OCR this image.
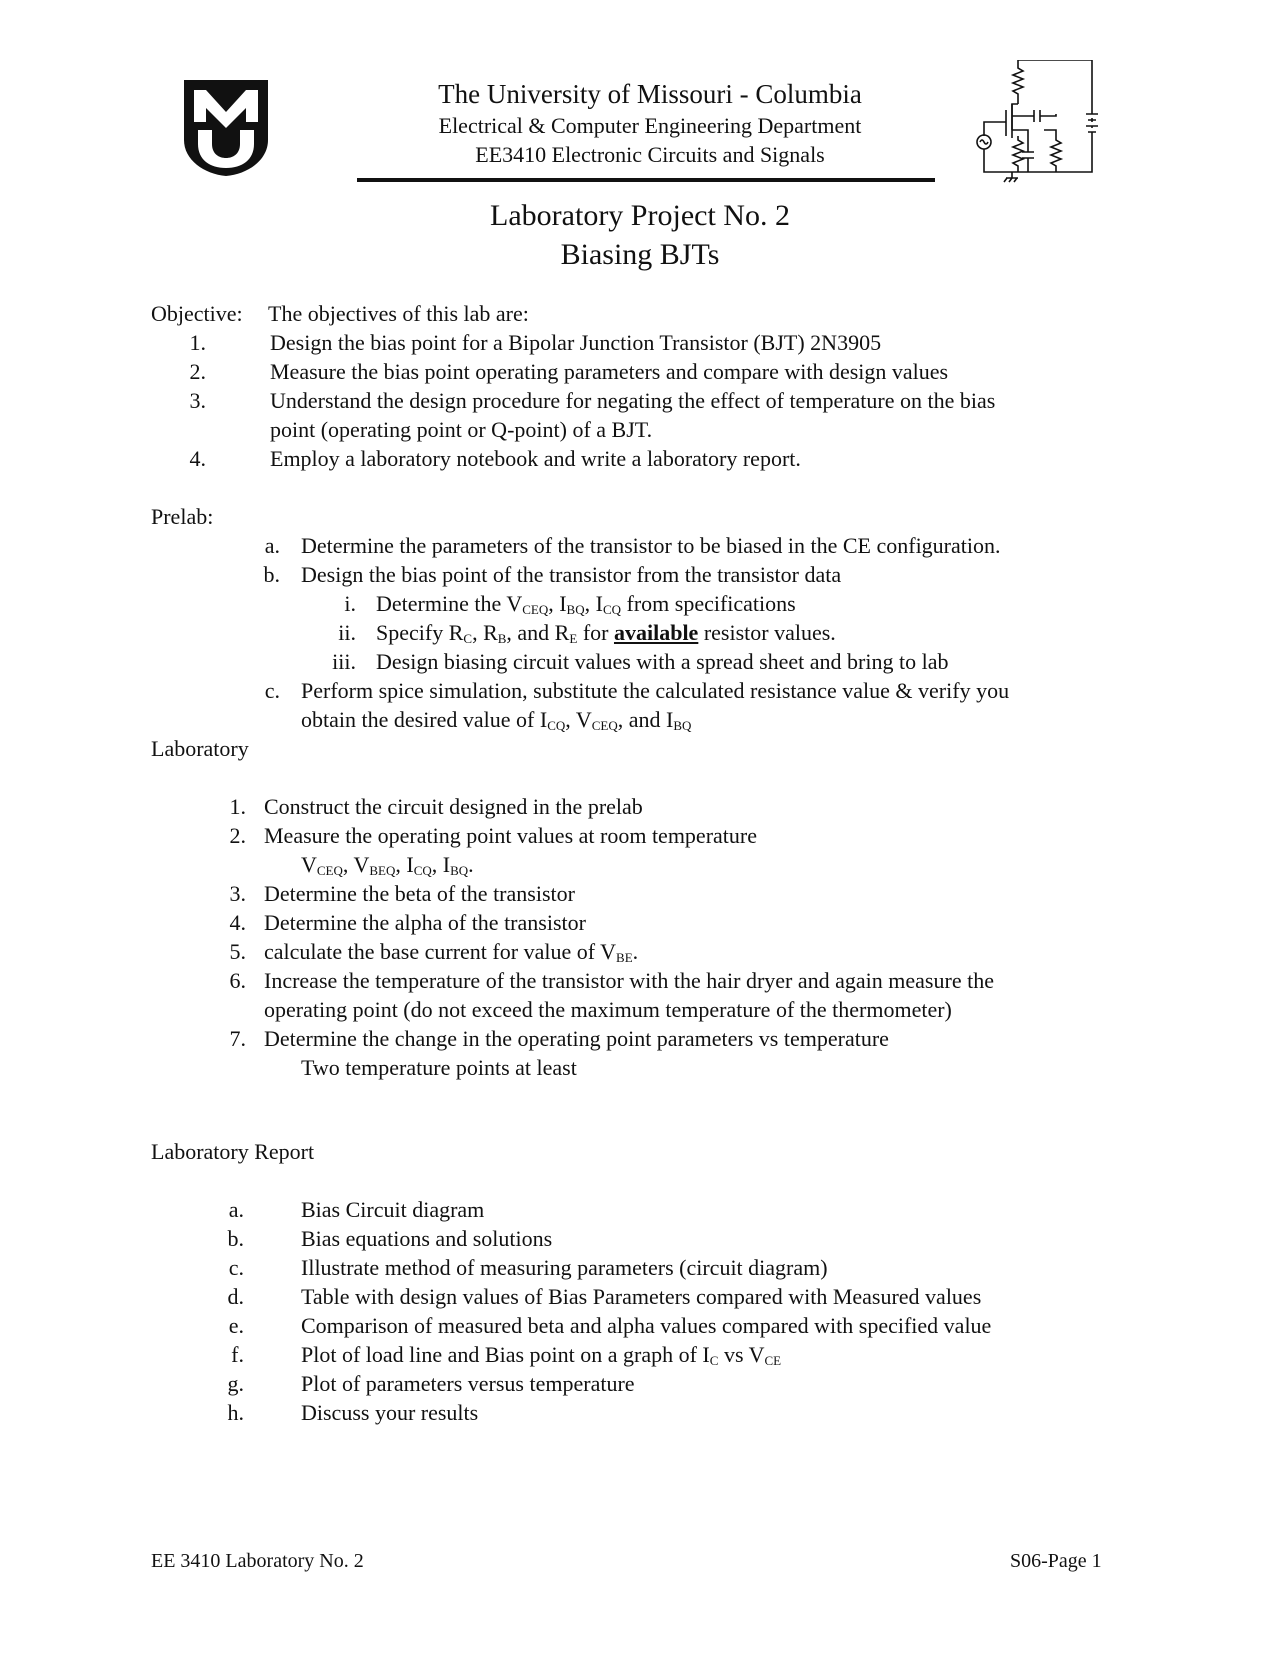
The University of Missouri - Columbia
Electrical & Computer Engineering Department
EE3410 Electronic Circuits and Signals
Laboratory Project No. 2
Biasing BJTs
Objective: The objectives of this lab are:
1.	Design the bias point for a Bipolar Junction Transistor (BJT) 2N3905
2.	Measure the bias point operating parameters and compare with design values
3.	Understand the design procedure for negating the effect of temperature on the bias
point (operating point or Q-point) of a BJT.
4.	Employ a laboratory notebook and write a laboratory report.
Prelab:
a. Determine the parameters of the transistor to be biased in the CE configuration.
b. Design the bias point of the transistor from the transistor data
i. Determine the $V_{CEQ}$, $I_{BQ}$, $I_{CQ}$ from specifications
ii. Specify $R_C$, $R_B$, and $R_E$ for available resistor values.
iii. Design biasing circuit values with a spread sheet and bring to lab
c. Perform spice simulation, substitute the calculated resistance value & verify you
obtain the desired value of $I_{CQ}$, $V_{CEQ}$, and $I_{BQ}$
Laboratory
1. Construct the circuit designed in the prelab
2. Measure the operating point values at room temperature
$V_{CEQ}$, $V_{BEQ}$, $I_{CQ}$, $I_{BQ}$.
3. Determine the beta of the transistor
4. Determine the alpha of the transistor
5. calculate the base current for value of $V_{BE}$.
6. Increase the temperature of the transistor with the hair dryer and again measure the
operating point (do not exceed the maximum temperature of the thermometer)
7. Determine the change in the operating point parameters vs temperature
Two temperature points at least
Laboratory Report
a.	Bias Circuit diagram
b.	Bias equations and solutions
c.	Illustrate method of measuring parameters (circuit diagram)
d.	Table with design values of Bias Parameters compared with Measured values
e.	Comparison of measured beta and alpha values compared with specified value
f.	Plot of load line and Bias point on a graph of $I_C$ vs $V_{CE}$
g.	Plot of parameters versus temperature
h.	Discuss your results
EE 3410 Laboratory No. 2	S06-Page 1
